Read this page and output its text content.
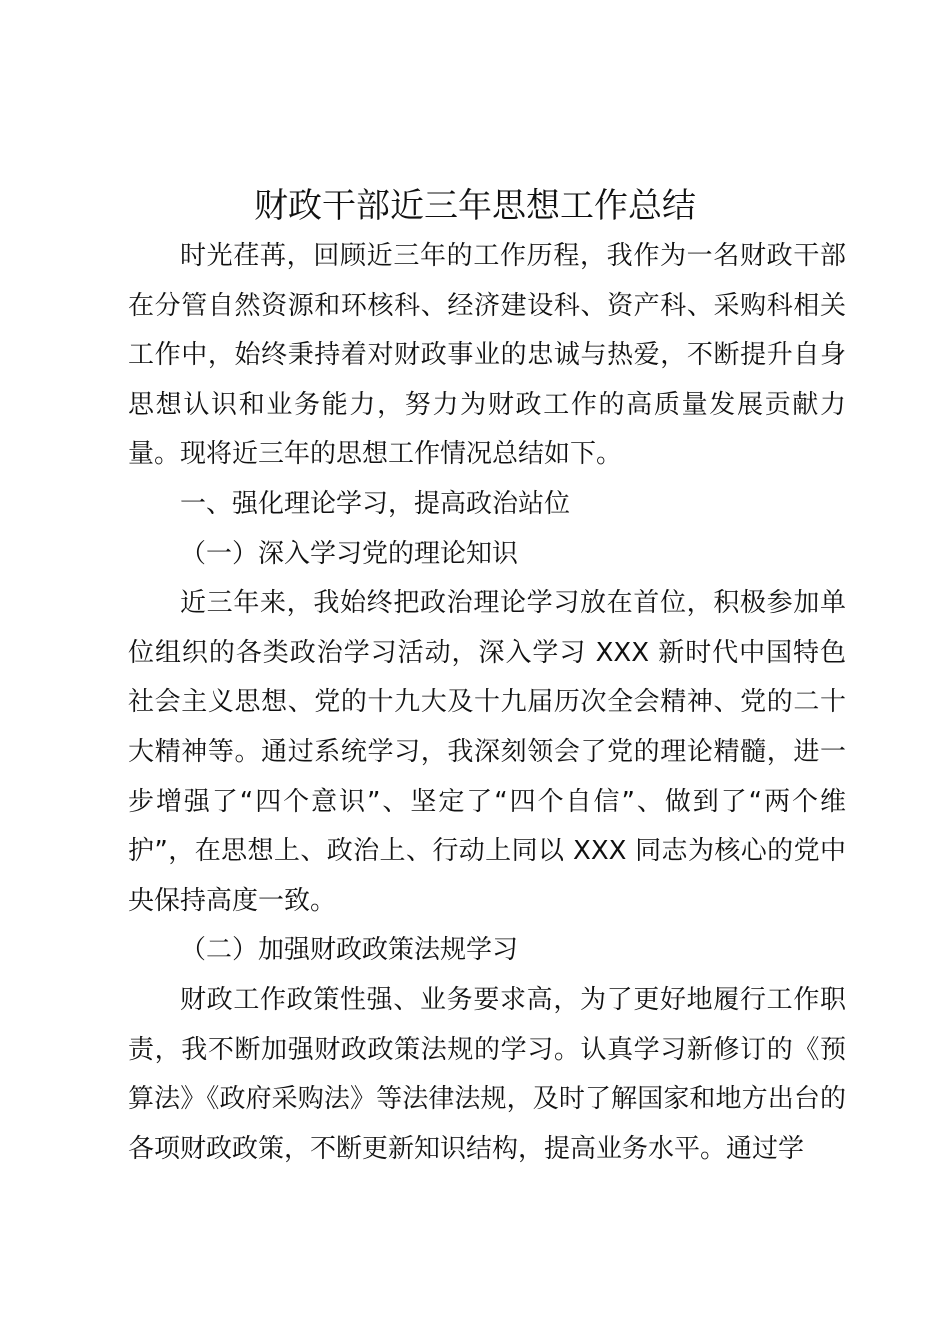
财政干部近三年思想工作总结

时光荏苒，回顾近三年的工作历程，我作为一名财政干部在分管自然资源和环核科、经济建设科、资产科、采购科相关工作中，始终秉持着对财政事业的忠诚与热爱，不断提升自身思想认识和业务能力，努力为财政工作的高质量发展贡献力量。现将近三年的思想工作情况总结如下。

一、强化理论学习，提高政治站位

（一）深入学习党的理论知识

近三年来，我始终把政治理论学习放在首位，积极参加单位组织的各类政治学习活动，深入学习 XXX 新时代中国特色社会主义思想、党的十九大及十九届历次全会精神、党的二十大精神等。通过系统学习，我深刻领会了党的理论精髓，进一步增强了“四个意识”、坚定了“四个自信”、做到了“两个维护”，在思想上、政治上、行动上同以 XXX 同志为核心的党中央保持高度一致。

（二）加强财政政策法规学习

财政工作政策性强、业务要求高，为了更好地履行工作职责，我不断加强财政政策法规的学习。认真学习新修订的《预算法》《政府采购法》等法律法规，及时了解国家和地方出台的各项财政政策，不断更新知识结构，提高业务水平。通过学
